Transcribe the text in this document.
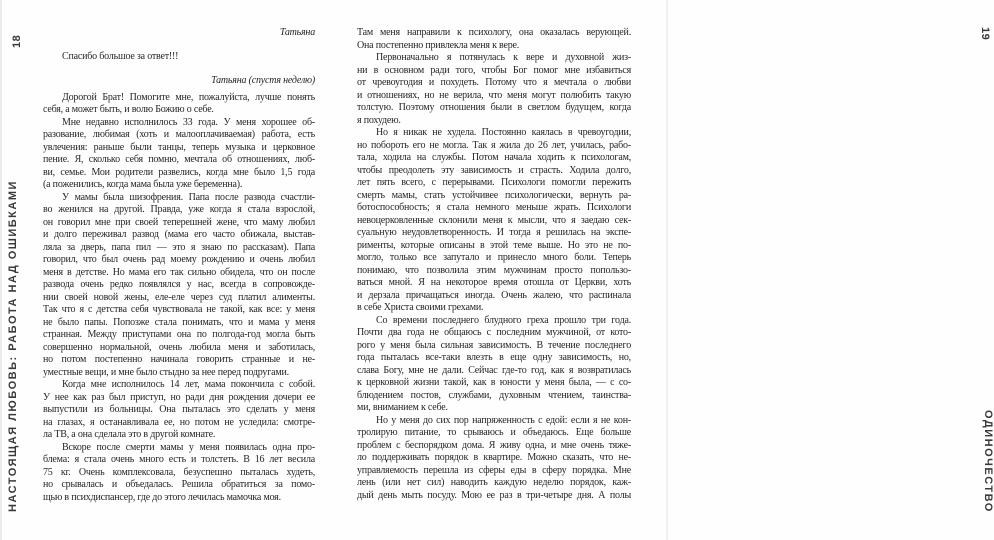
НАСТОЯЩАЯ ЛЮБОВЬ: РАБОТА НАД ОШИБКАМИ
18
Татьяна
Спасибо большое за ответ!!!
Татьяна (спустя неделю)
Дорогой Брат! Помогите мне, пожалуйста, лучше понять
себя, а может быть, и волю Божию о себе.
Мне недавно исполнилось 33 года. У меня хорошее об-
разование, любимая (хоть и малооплачиваемая) работа, есть
увлечения: раньше были танцы, теперь музыка и церковное
пение. Я, сколько себя помню, мечтала об отношениях, люб-
ви, семье. Мои родители развелись, когда мне было 1,5 года
(а поженились, когда мама была уже беременна).
У мамы была шизофрения. Папа после развода счастли-
во женился на другой. Правда, уже когда я стала взрослой,
он говорил мне при своей теперешней жене, что маму любил
и долго переживал развод (мама его часто обижала, выстав-
ляла за дверь, папа пил — это я знаю по рассказам). Папа
говорил, что был очень рад моему рождению и очень любил
меня в детстве. Но мама его так сильно обидела, что он после
развода очень редко появлялся у нас, всегда в сопровожде-
нии своей новой жены, еле-еле через суд платил алименты.
Так что я с детства себя чувствовала не такой, как все: у меня
не было папы. Попозже стала понимать, что и мама у меня
странная. Между приступами она по полгода-год могла быть
совершенно нормальной, очень любила меня и заботилась,
но потом постепенно начинала говорить странные и не-
уместные вещи, и мне было стыдно за нее перед подругами.
Когда мне исполнилось 14 лет, мама покончила с собой.
У нее как раз был приступ, но ради дня рождения дочери ее
выпустили из больницы. Она пыталась это сделать у меня
на глазах, я останавливала ее, но потом не уследила: смотре-
ла ТВ, а она сделала это в другой комнате.
Вскоре после смерти мамы у меня появилась одна про-
блема: я стала очень много есть и толстеть. В 16 лет весила
75 кг. Очень комплексовала, безуспешно пыталась худеть,
но срывалась и объедалась. Решила обратиться за помо-
щью в психдиспансер, где до этого лечилась мамочка моя.	ОДИНОЧЕСТВО
19
Там меня направили к психологу, она оказалась верующей.
Она постепенно привлекла меня к вере.
Первоначально я потянулась к вере и духовной жиз-
ни в основном ради того, чтобы Бог помог мне избавиться
от чревоугодия и похудеть. Потому что я мечтала о любви
и отношениях, но не верила, что меня могут полюбить такую
толстую. Поэтому отношения были в светлом будущем, когда
я похудею.
Но я никак не худела. Постоянно каялась в чревоугодии,
но побороть его не могла. Так я жила до 26 лет, училась, рабо-
тала, ходила на службы. Потом начала ходить к психологам,
чтобы преодолеть эту зависимость и страсть. Ходила долго,
лет пять всего, с перерывами. Психологи помогли пережить
смерть мамы, стать устойчивее психологически, вернуть ра-
ботоспособность; я стала немного меньше жрать. Психологи
невоцерковленные склонили меня к мысли, что я заедаю сек-
суальную неудовлетворенность. И тогда я решилась на экспе-
рименты, которые описаны в этой теме выше. Но это не по-
могло, только все запутало и принесло много боли. Теперь
понимаю, что позволила этим мужчинам просто попользо-
ваться мной. Я на некоторое время отошла от Церкви, хоть
и дерзала причащаться иногда. Очень жалею, что распинала
в себе Христа своими грехами.
Со времени последнего блудного греха прошло три года.
Почти два года не общаюсь с последним мужчиной, от кото-
рого у меня была сильная зависимость. В течение последнего
года пыталась все-таки влезть в еще одну зависимость, но,
слава Богу, мне не дали. Сейчас где-то год, как я возвратилась
к церковной жизни такой, как в юности у меня была, — с со-
блюдением постов, службами, духовным чтением, таинства-
ми, вниманием к себе.
Но у меня до сих пор напряженность с едой: если я не кон-
тролирую питание, то срываюсь и объедаюсь. Еще больше
проблем с беспорядком дома. Я живу одна, и мне очень тяже-
ло поддерживать порядок в квартире. Можно сказать, что не-
управляемость перешла из сферы еды в сферу порядка. Мне
лень (или нет сил) наводить каждую неделю порядок, каж-
дый день мыть посуду. Мою ее раз в три-четыре дня. А полы
